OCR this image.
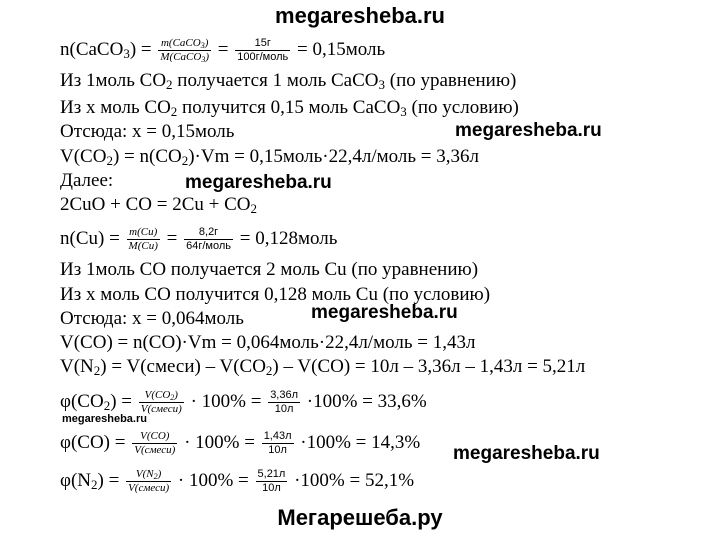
megaresheba.ru
n(CaCO$_3$) = $\frac{m(CaCO_3)}{M(CaCO_3)} = \frac{15г}{\text{100г/моль}}$ = 0,15моль
Из 1моль $CO_2$ получается 1 моль CaCO$_3$ (по уравнению)
Из х моль $CO_2$ получится 0,15 моль CaCO$_3$ (по условию)
Отсюда: х = 0,15моль
$V(CO_2) = n(CO_2)\cdot Vm$ = 0,15моль·22,4л/моль = 3,36л
Далее:
2CuO + CO = $2Cu + CO_2$
$n(Cu) = \frac{m(Cu)}{M(Cu)} = \frac{8,2г}{\text{64г/моль}}$ = 0,128моль
Из 1моль CO получается 2 моль Cu (по уравнению)
Из х моль CO получится 0,128 моль Cu (по условию)
Отсюда: х = 0,064моль
V(CO) = n(CO)·Vm = 0,064моль·22,4л/моль = 1,43л
$V(N_2)$ = V(смеси) – $V(CO_2) - V(CO) = 10л - 3,36л - 1,43л = 5,21л$
$\varphi(CO_2) = \frac{V(CO_2)}{\text{V(смеси)}} \cdot 100\% = \frac{3,36л}{10л} \cdot 100\% = 33,6\%$
$\varphi(CO) = \frac{V(CO)}{\text{V(смеси)}} \cdot 100\% = \frac{1,43л}{10л} \cdot 100\% = 14,3\%$
$\varphi(N_2) = \frac{V(N_2)}{\text{V(смеси)}} \cdot 100\% = \frac{5,21л}{10л} \cdot 100\% = 52,1\%$
megaresheba.ru
megaresheba.ru
megaresheba.ru
megaresheba.ru
megaresheba.ru
Мегарешеба.ру
